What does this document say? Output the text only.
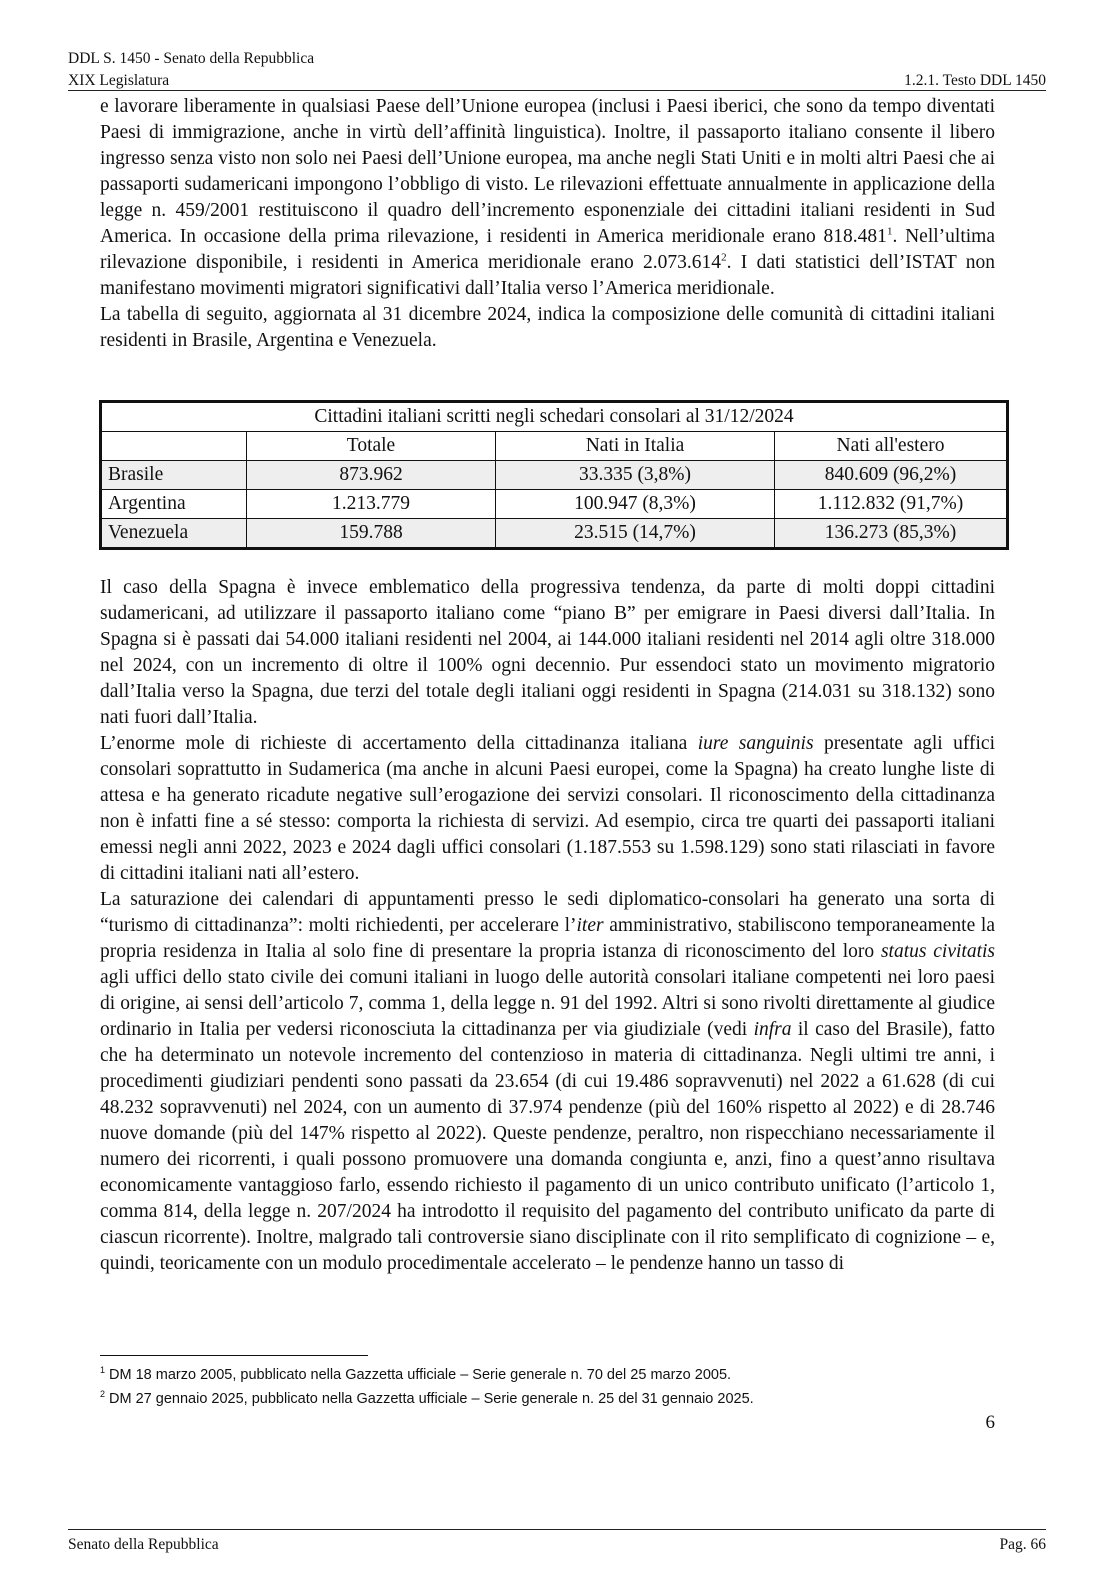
DDL S. 1450 - Senato della Repubblica
XIX Legislatura	1.2.1. Testo DDL 1450

e lavorare liberamente in qualsiasi Paese dell’Unione europea (inclusi i Paesi iberici, che sono da tempo diventati Paesi di immigrazione, anche in virtù dell’affinità linguistica). Inoltre, il passaporto italiano consente il libero ingresso senza visto non solo nei Paesi dell’Unione europea, ma anche negli Stati Uniti e in molti altri Paesi che ai passaporti sudamericani impongono l’obbligo di visto. Le rilevazioni effettuate annualmente in applicazione della legge n. 459/2001 restituiscono il quadro dell’incremento esponenziale dei cittadini italiani residenti in Sud America. In occasione della prima rilevazione, i residenti in America meridionale erano 818.481$^1$. Nell’ultima rilevazione disponibile, i residenti in America meridionale erano 2.073.614$^2$. I dati statistici dell’ISTAT non manifestano movimenti migratori significativi dall’Italia verso l’America meridionale.

La tabella di seguito, aggiornata al 31 dicembre 2024, indica la composizione delle comunità di cittadini italiani residenti in Brasile, Argentina e Venezuela.

Cittadini italiani scritti negli schedari consolari al 31/12/2024			
	Totale	Nati in Italia	Nati all'estero
Brasile	873.962	33.335 (3,8%)	840.609 (96,2%)
Argentina	1.213.779	100.947 (8,3%)	1.112.832 (91,7%)
Venezuela	159.788	23.515 (14,7%)	136.273 (85,3%)

Il caso della Spagna è invece emblematico della progressiva tendenza, da parte di molti doppi cittadini sudamericani, ad utilizzare il passaporto italiano come “piano B” per emigrare in Paesi diversi dall’Italia. In Spagna si è passati dai 54.000 italiani residenti nel 2004, ai 144.000 italiani residenti nel 2014 agli oltre 318.000 nel 2024, con un incremento di oltre il 100% ogni decennio. Pur essendoci stato un movimento migratorio dall’Italia verso la Spagna, due terzi del totale degli italiani oggi residenti in Spagna (214.031 su 318.132) sono nati fuori dall’Italia.

L’enorme mole di richieste di accertamento della cittadinanza italiana iure sanguinis presentate agli uffici consolari soprattutto in Sudamerica (ma anche in alcuni Paesi europei, come la Spagna) ha creato lunghe liste di attesa e ha generato ricadute negative sull’erogazione dei servizi consolari. Il riconoscimento della cittadinanza non è infatti fine a sé stesso: comporta la richiesta di servizi. Ad esempio, circa tre quarti dei passaporti italiani emessi negli anni 2022, 2023 e 2024 dagli uffici consolari (1.187.553 su 1.598.129) sono stati rilasciati in favore di cittadini italiani nati all’estero.

La saturazione dei calendari di appuntamenti presso le sedi diplomatico-consolari ha generato una sorta di “turismo di cittadinanza”: molti richiedenti, per accelerare l’iter amministrativo, stabiliscono temporaneamente la propria residenza in Italia al solo fine di presentare la propria istanza di riconoscimento del loro status civitatis agli uffici dello stato civile dei comuni italiani in luogo delle autorità consolari italiane competenti nei loro paesi di origine, ai sensi dell’articolo 7, comma 1, della legge n. 91 del 1992. Altri si sono rivolti direttamente al giudice ordinario in Italia per vedersi riconosciuta la cittadinanza per via giudiziale (vedi infra il caso del Brasile), fatto che ha determinato un notevole incremento del contenzioso in materia di cittadinanza. Negli ultimi tre anni, i procedimenti giudiziari pendenti sono passati da 23.654 (di cui 19.486 sopravvenuti) nel 2022 a 61.628 (di cui 48.232 sopravvenuti) nel 2024, con un aumento di 37.974 pendenze (più del 160% rispetto al 2022) e di 28.746 nuove domande (più del 147% rispetto al 2022). Queste pendenze, peraltro, non rispecchiano necessariamente il numero dei ricorrenti, i quali possono promuovere una domanda congiunta e, anzi, fino a quest’anno risultava economicamente vantaggioso farlo, essendo richiesto il pagamento di un unico contributo unificato (l’articolo 1, comma 814, della legge n. 207/2024 ha introdotto il requisito del pagamento del contributo unificato da parte di ciascun ricorrente). Inoltre, malgrado tali controversie siano disciplinate con il rito semplificato di cognizione – e, quindi, teoricamente con un modulo procedimentale accelerato – le pendenze hanno un tasso di

$^1$ DM 18 marzo 2005, pubblicato nella Gazzetta ufficiale – Serie generale n. 70 del 25 marzo 2005.
$^2$ DM 27 gennaio 2025, pubblicato nella Gazzetta ufficiale – Serie generale n. 25 del 31 gennaio 2025.
6
Senato della Repubblica	Pag. 66
